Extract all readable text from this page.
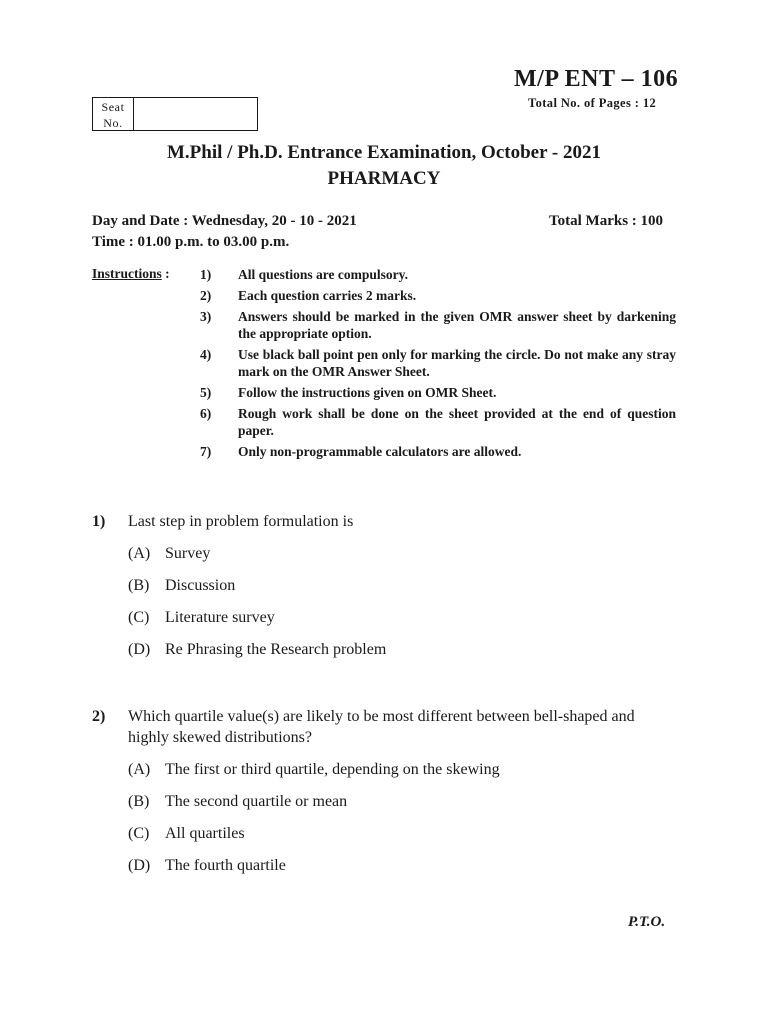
M/P ENT – 106
Total No. of Pages : 12
Seat
No.
M.Phil / Ph.D. Entrance Examination, October - 2021
PHARMACY
Day and Date : Wednesday, 20 - 10 - 2021	Total Marks : 100
Time : 01.00 p.m. to 03.00 p.m.
Instructions : 1)	All questions are compulsory.
2)	Each question carries 2 marks.
3)	Answers should be marked in the given OMR answer sheet by darkening the appropriate option.
4)	Use black ball point pen only for marking the circle. Do not make any stray mark on the OMR Answer Sheet.
5)	Follow the instructions given on OMR Sheet.
6)	Rough work shall be done on the sheet provided at the end of question paper.
7)	Only non-programmable calculators are allowed.
1)	Last step in problem formulation is
(A) Survey
(B) Discussion
(C) Literature survey
(D) Re Phrasing the Research problem
2)	Which quartile value(s) are likely to be most different between bell-shaped and highly skewed distributions?
(A) The first or third quartile, depending on the skewing
(B) The second quartile or mean
(C) All quartiles
(D) The fourth quartile
P.T.O.
